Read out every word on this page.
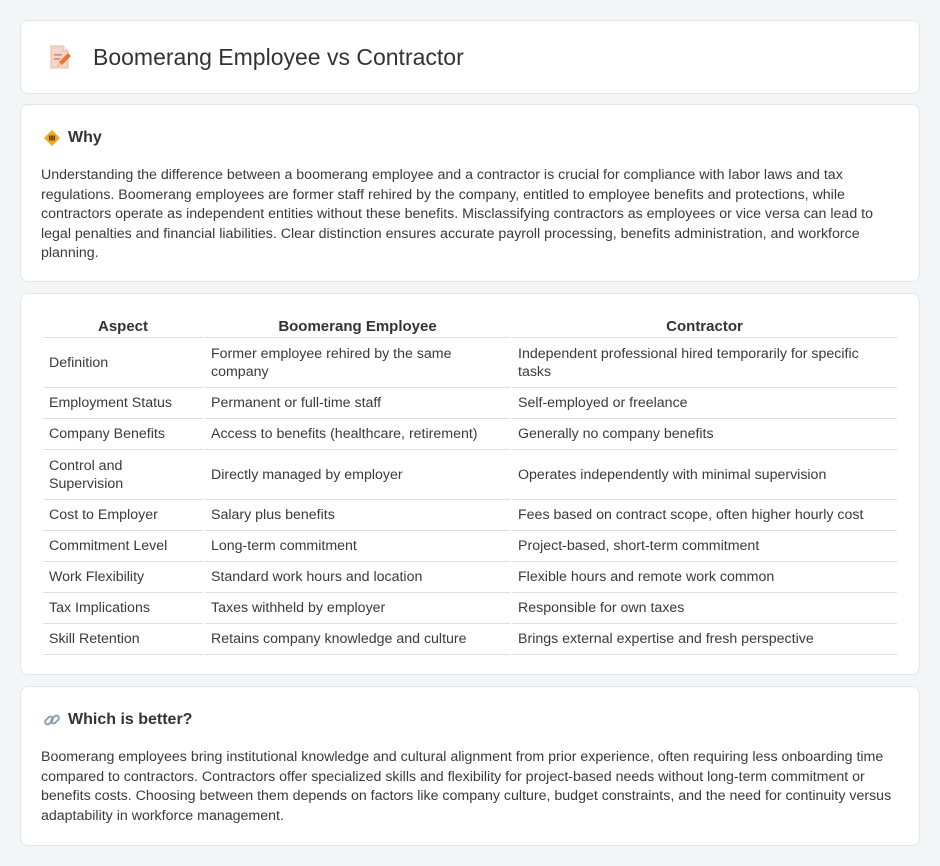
Boomerang Employee vs Contractor
Why

Understanding the difference between a boomerang employee and a contractor is crucial for compliance with labor laws and tax regulations. Boomerang employees are former staff rehired by the company, entitled to employee benefits and protections, while contractors operate as independent entities without these benefits. Misclassifying contractors as employees or vice versa can lead to legal penalties and financial liabilities. Clear distinction ensures accurate payroll processing, benefits administration, and workforce planning.

Aspect	Boomerang Employee	Contractor
Definition	Former employee rehired by the same company	Independent professional hired temporarily for specific tasks
Employment Status	Permanent or full-time staff	Self-employed or freelance
Company Benefits	Access to benefits (healthcare, retirement)	Generally no company benefits
Control and Supervision	Directly managed by employer	Operates independently with minimal supervision
Cost to Employer	Salary plus benefits	Fees based on contract scope, often higher hourly cost
Commitment Level	Long-term commitment	Project-based, short-term commitment
Work Flexibility	Standard work hours and location	Flexible hours and remote work common
Tax Implications	Taxes withheld by employer	Responsible for own taxes
Skill Retention	Retains company knowledge and culture	Brings external expertise and fresh perspective
Which is better?

Boomerang employees bring institutional knowledge and cultural alignment from prior experience, often requiring less onboarding time compared to contractors. Contractors offer specialized skills and flexibility for project-based needs without long-term commitment or benefits costs. Choosing between them depends on factors like company culture, budget constraints, and the need for continuity versus adaptability in workforce management.
